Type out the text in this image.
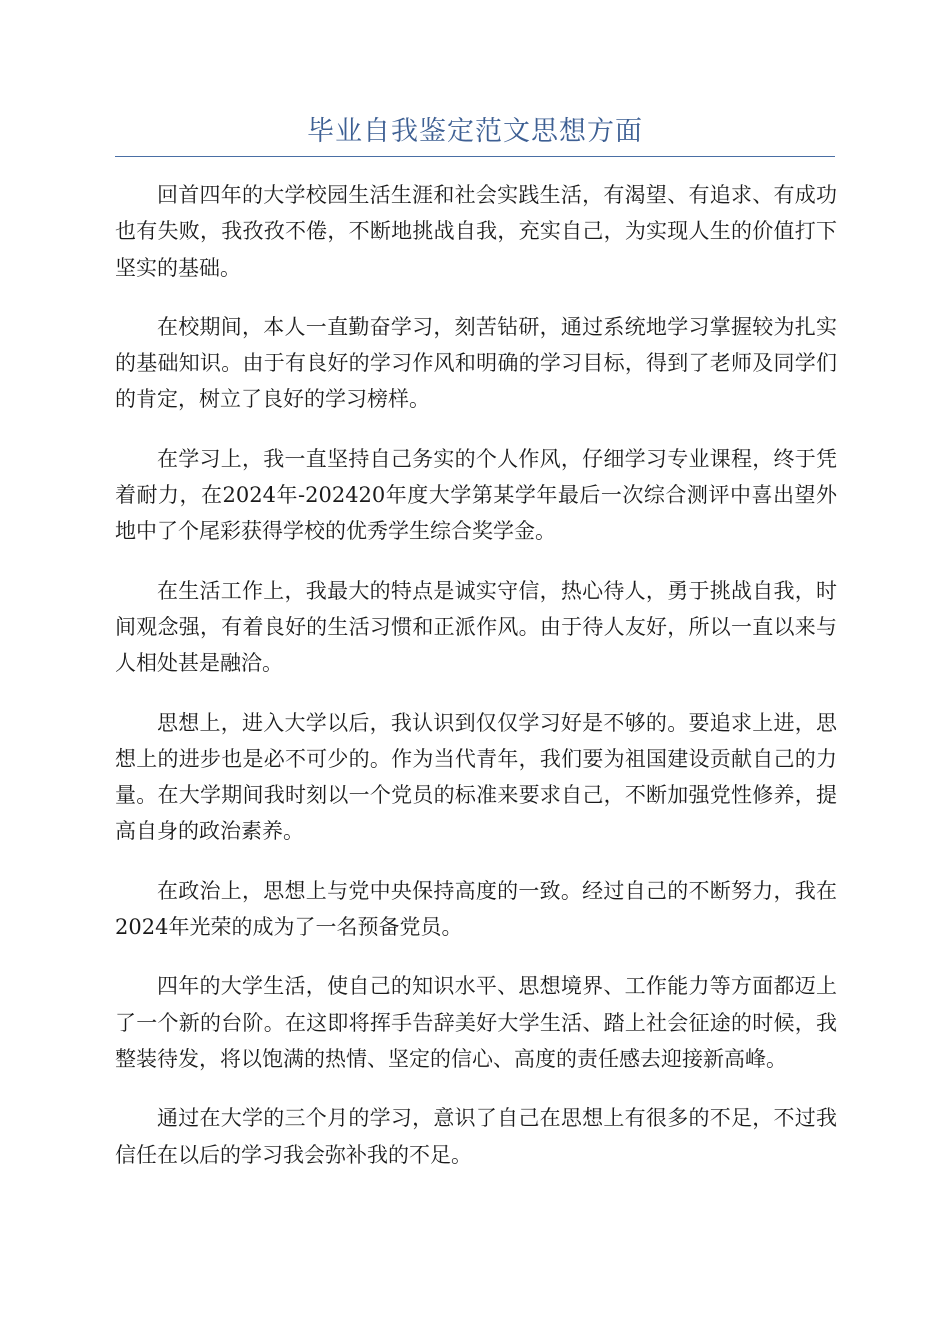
毕业自我鉴定范文思想方面

回首四年的大学校园生活生涯和社会实践生活，有渴望、有追求、有成功也有失败，我孜孜不倦，不断地挑战自我，充实自己，为实现人生的价值打下坚实的基础。

在校期间，本人一直勤奋学习，刻苦钻研，通过系统地学习掌握较为扎实的基础知识。由于有良好的学习作风和明确的学习目标，得到了老师及同学们的肯定，树立了良好的学习榜样。

在学习上，我一直坚持自己务实的个人作风，仔细学习专业课程，终于凭着耐力，在2024年-202420年度大学第某学年最后一次综合测评中喜出望外地中了个尾彩获得学校的优秀学生综合奖学金。

在生活工作上，我最大的特点是诚实守信，热心待人，勇于挑战自我，时间观念强，有着良好的生活习惯和正派作风。由于待人友好，所以一直以来与人相处甚是融洽。

思想上，进入大学以后，我认识到仅仅学习好是不够的。要追求上进，思想上的进步也是必不可少的。作为当代青年，我们要为祖国建设贡献自己的力量。在大学期间我时刻以一个党员的标准来要求自己，不断加强党性修养，提高自身的政治素养。

在政治上，思想上与党中央保持高度的一致。经过自己的不断努力，我在2024年光荣的成为了一名预备党员。

四年的大学生活，使自己的知识水平、思想境界、工作能力等方面都迈上了一个新的台阶。在这即将挥手告辞美好大学生活、踏上社会征途的时候，我整装待发，将以饱满的热情、坚定的信心、高度的责任感去迎接新高峰。

通过在大学的三个月的学习，意识了自己在思想上有很多的不足，不过我信任在以后的学习我会弥补我的不足。
